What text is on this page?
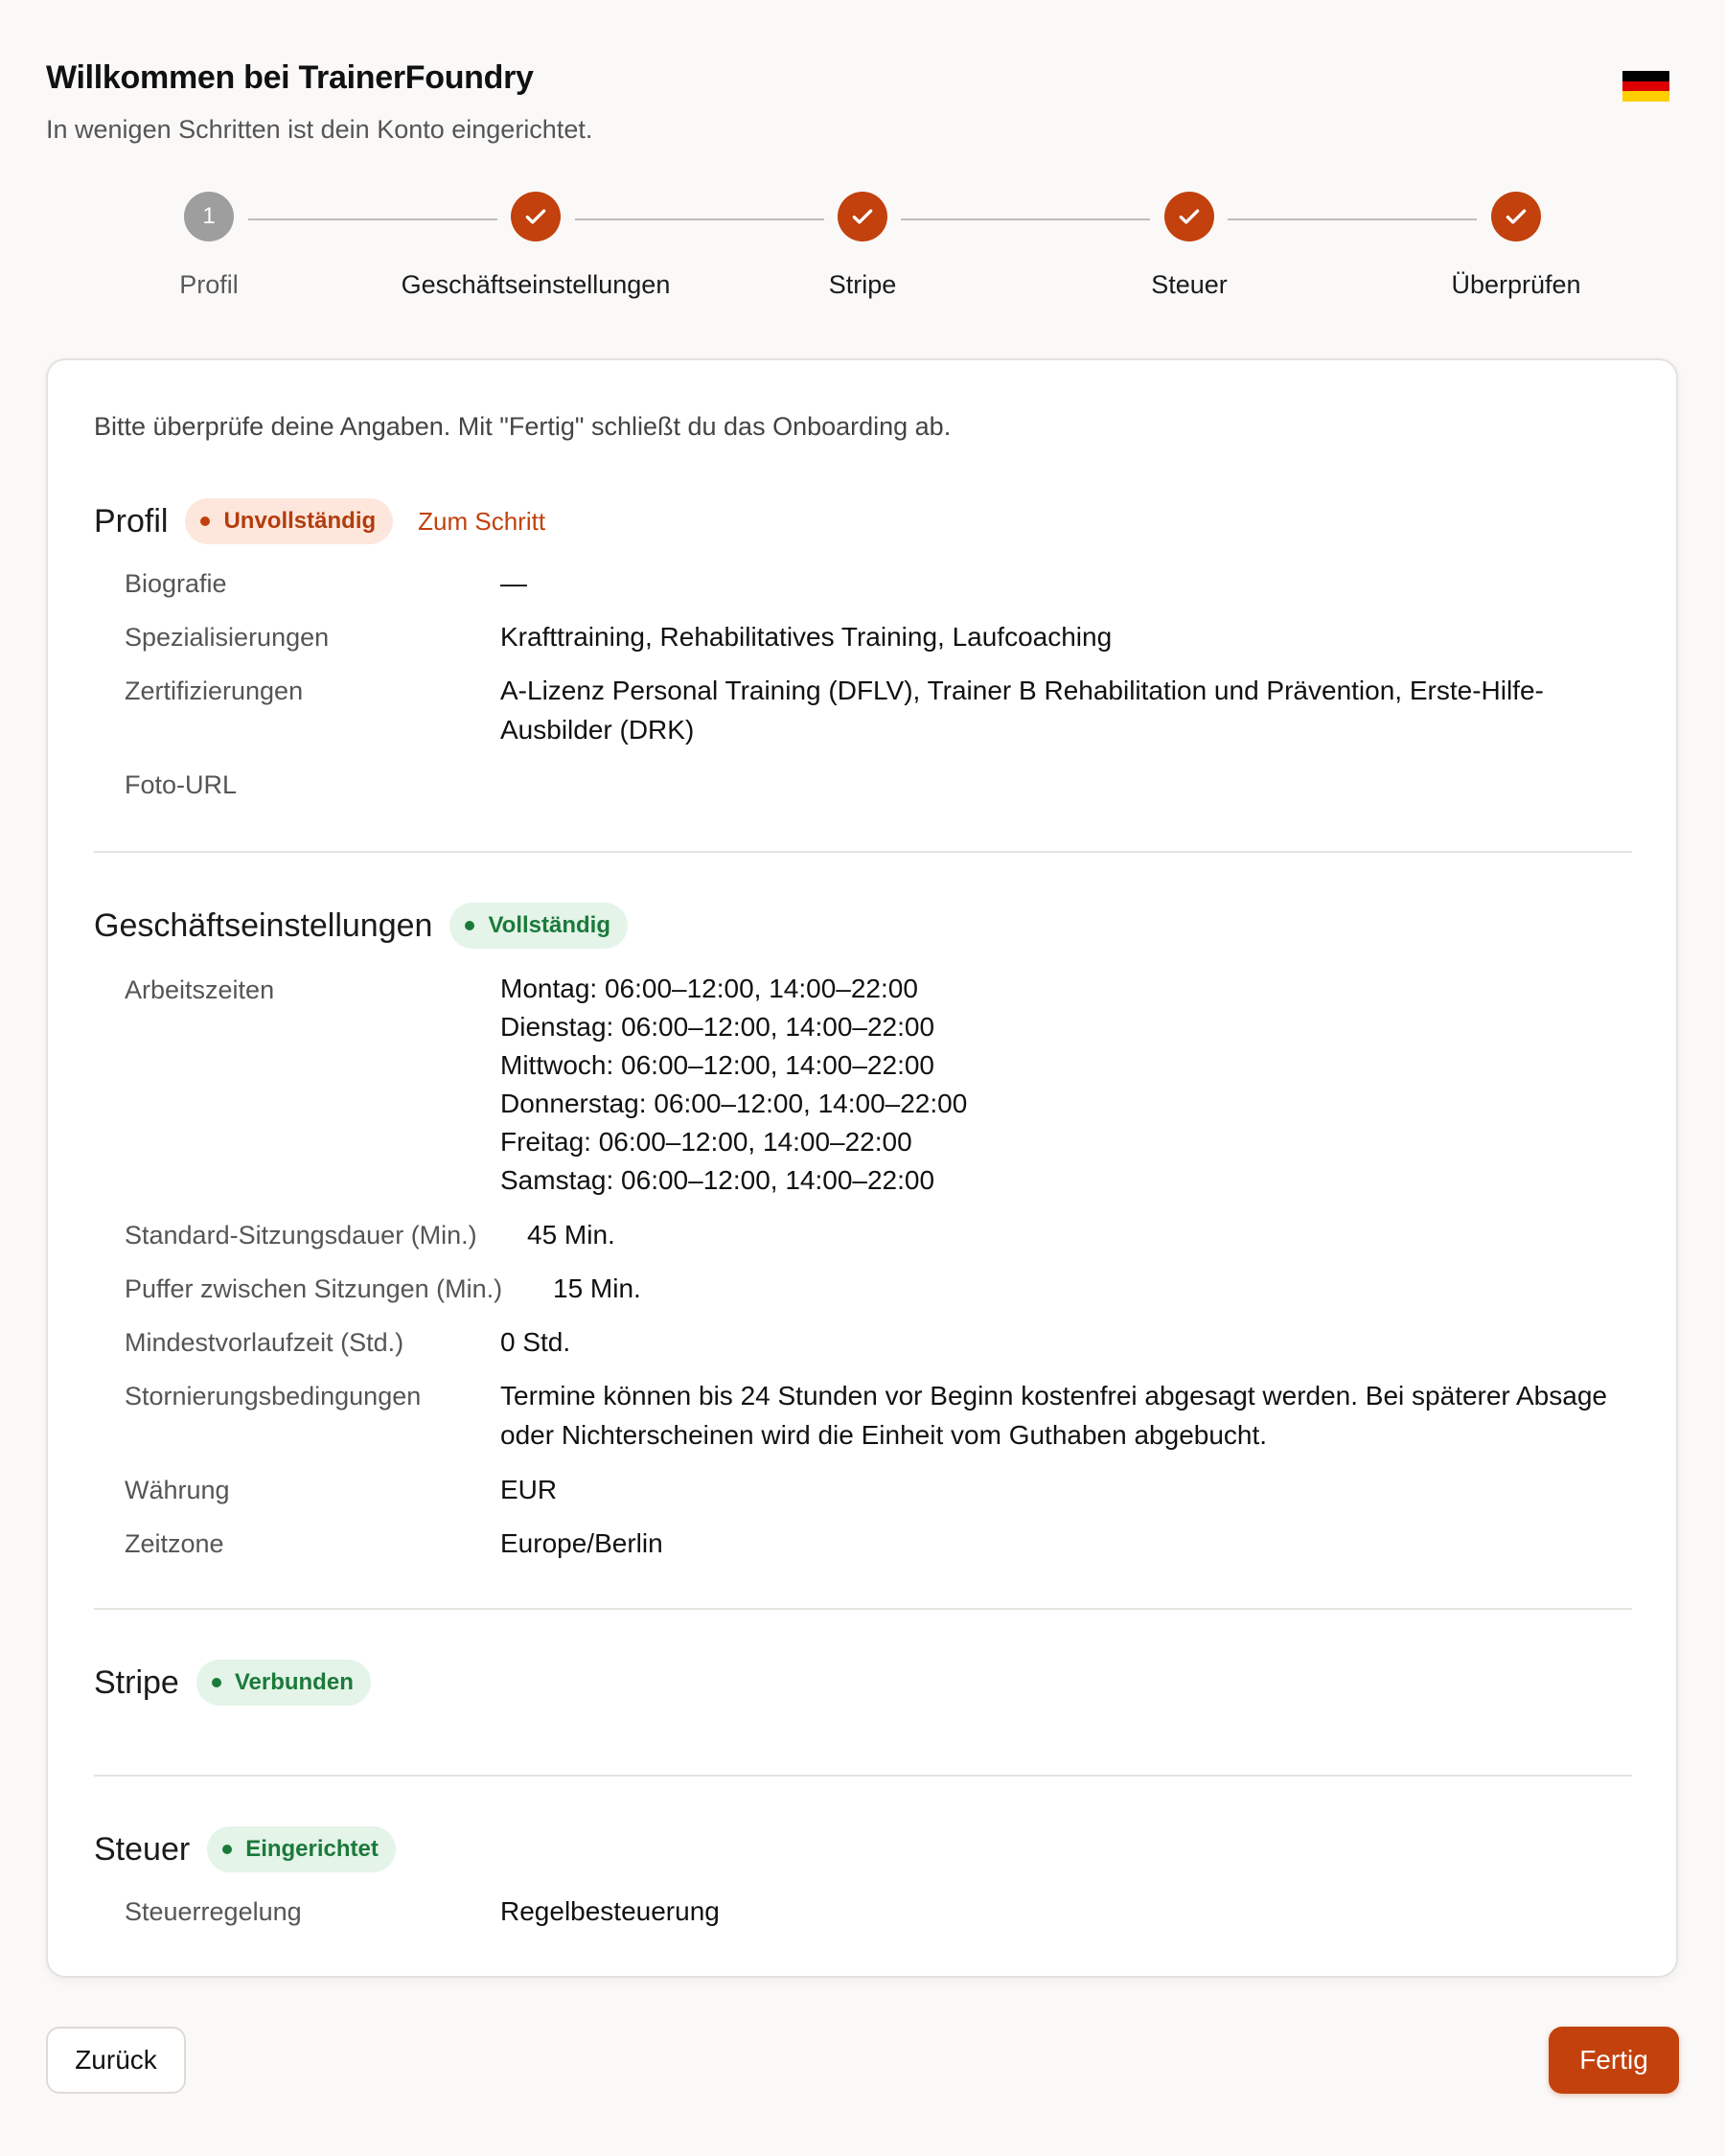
Willkommen bei TrainerFoundry
In wenigen Schritten ist dein Konto eingerichtet.
1
Profil	Geschäftseinstellungen	Stripe	Steuer	Überprüfen
Bitte überprüfe deine Angaben. Mit "Fertig" schließt du das Onboarding ab.
Profil Unvollständig Zum Schritt
Biografie	—
Spezialisierungen	Krafttraining, Rehabilitatives Training, Laufcoaching
Zertifizierungen	A-Lizenz Personal Training (DFLV), Trainer B Rehabilitation und Prävention, Erste-Hilfe-Ausbilder (DRK)
Foto-URL
Geschäftseinstellungen Vollständig
Arbeitszeiten	Montag: 06:00–12:00, 14:00–22:00
Dienstag: 06:00–12:00, 14:00–22:00
Mittwoch: 06:00–12:00, 14:00–22:00
Donnerstag: 06:00–12:00, 14:00–22:00
Freitag: 06:00–12:00, 14:00–22:00
Samstag: 06:00–12:00, 14:00–22:00
Standard-Sitzungsdauer (Min.) 45 Min.
Puffer zwischen Sitzungen (Min.) 15 Min.
Mindestvorlaufzeit (Std.)	0 Std.
Stornierungsbedingungen	Termine können bis 24 Stunden vor Beginn kostenfrei abgesagt werden. Bei späterer Absage oder Nichterscheinen wird die Einheit vom Guthaben abgebucht.
Währung	EUR
Zeitzone	Europe/Berlin
Stripe Verbunden
Steuer Eingerichtet
Steuerregelung	Regelbesteuerung
Zurück	Fertig
